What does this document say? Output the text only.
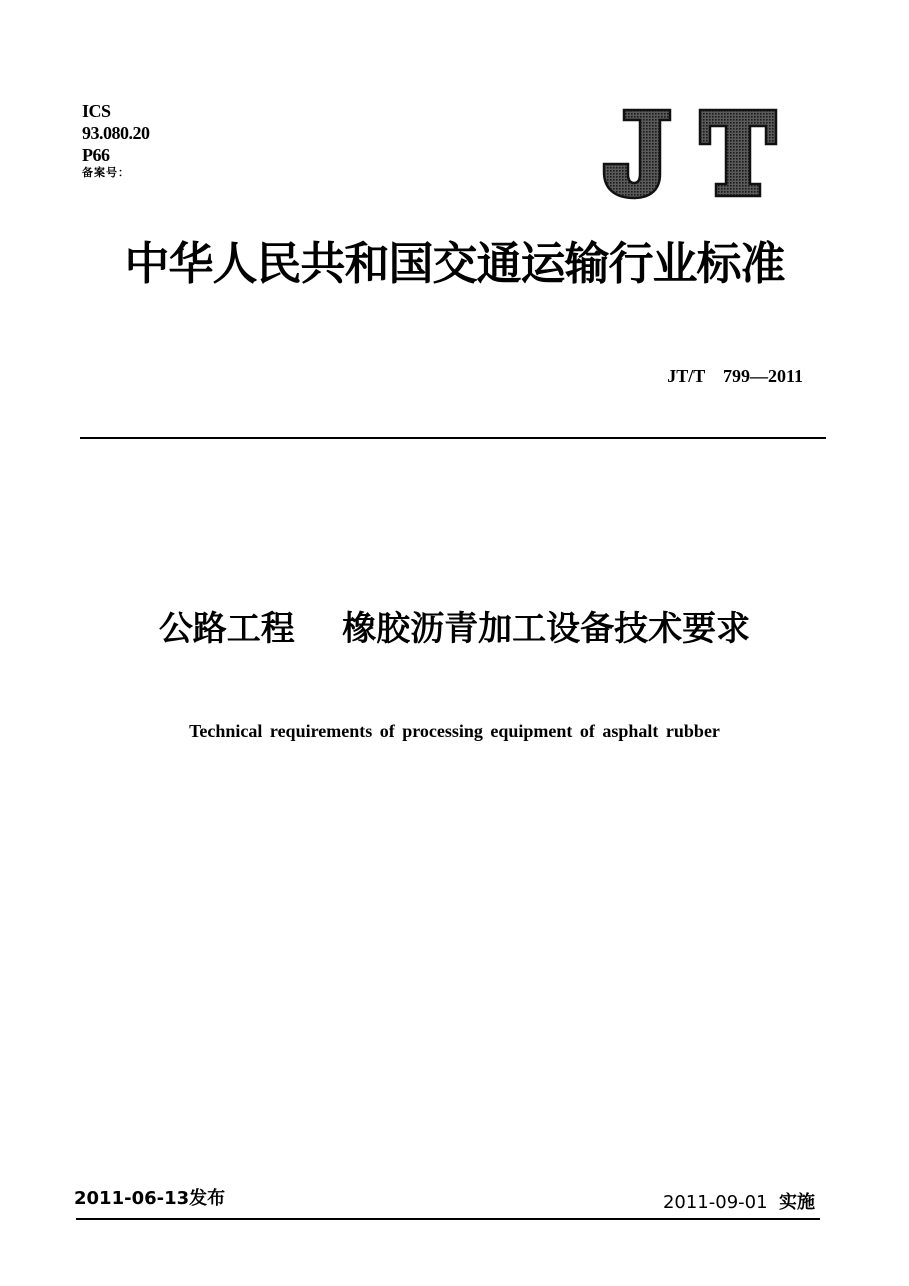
ICS
93.080.20
P66
备案号：
中华人民共和国交通运输行业标准
JT/T    799—2011
公路工程    橡胶沥青加工设备技术要求
Technical requirements of processing equipment of asphalt rubber
2011-06-13发布	2011-09-01 实施
